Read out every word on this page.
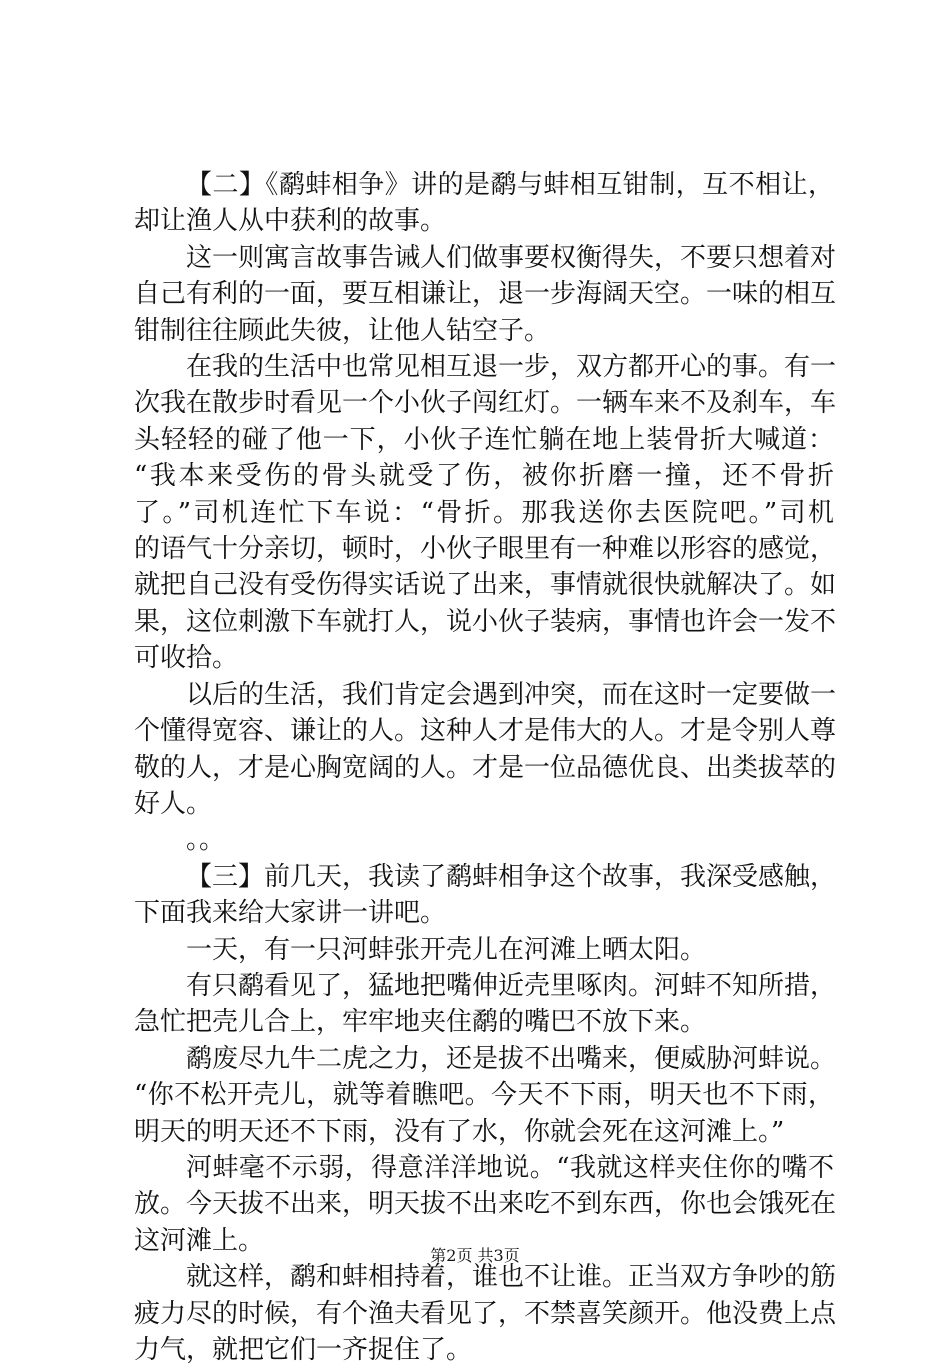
【二】《鹬蚌相争》讲的是鹬与蚌相互钳制，互不相让，
却让渔人从中获利的故事。
这一则寓言故事告诫人们做事要权衡得失，不要只想着对
自己有利的一面，要互相谦让，退一步海阔天空。一味的相互
钳制往往顾此失彼，让他人钻空子。
在我的生活中也常见相互退一步，双方都开心的事。有一
次我在散步时看见一个小伙子闯红灯。一辆车来不及刹车，车
头轻轻的碰了他一下，小伙子连忙躺在地上装骨折大喊道：
“我本来受伤的骨头就受了伤，被你折磨一撞，还不骨折
了。”司机连忙下车说：“骨折。那我送你去医院吧。”司机
的语气十分亲切，顿时，小伙子眼里有一种难以形容的感觉，
就把自己没有受伤得实话说了出来，事情就很快就解决了。如
果，这位刺激下车就打人，说小伙子装病，事情也许会一发不
可收拾。
以后的生活，我们肯定会遇到冲突，而在这时一定要做一
个懂得宽容、谦让的人。这种人才是伟大的人。才是令别人尊
敬的人，才是心胸宽阔的人。才是一位品德优良、出类拔萃的
好人。
。。
【三】前几天，我读了鹬蚌相争这个故事，我深受感触，
下面我来给大家讲一讲吧。
一天，有一只河蚌张开壳儿在河滩上晒太阳。
有只鹬看见了，猛地把嘴伸近壳里啄肉。河蚌不知所措，
急忙把壳儿合上，牢牢地夹住鹬的嘴巴不放下来。
鹬废尽九牛二虎之力，还是拔不出嘴来，便威胁河蚌说。
“你不松开壳儿，就等着瞧吧。今天不下雨，明天也不下雨，
明天的明天还不下雨，没有了水，你就会死在这河滩上。”
河蚌毫不示弱，得意洋洋地说。“我就这样夹住你的嘴不
放。今天拔不出来，明天拔不出来吃不到东西，你也会饿死在
这河滩上。
就这样，鹬和蚌相持着，谁也不让谁。正当双方争吵的筋
疲力尽的时候，有个渔夫看见了，不禁喜笑颜开。他没费上点
力气，就把它们一齐捉住了。
第2页 共3页
